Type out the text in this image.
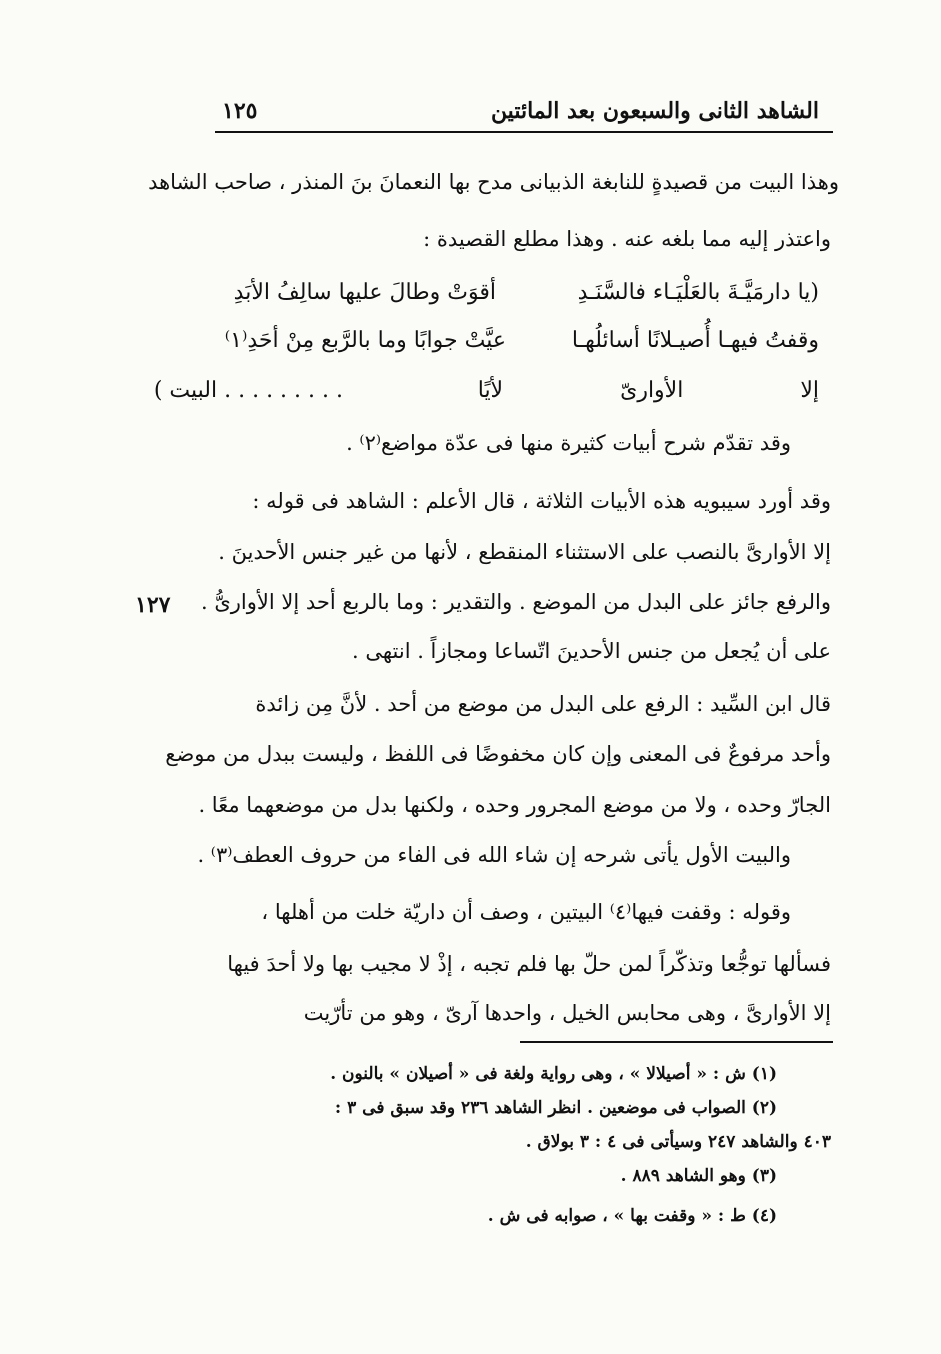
الشاهد الثانى والسبعون بعد المائتين
١٢٥
وهذا البيت من قصيدةٍ للنابغة الذبيانى مدح بها النعمانَ بنَ المنذر ، صاحب الشاهد
واعتذر إليه مما بلغه عنه . وهذا مطلع القصيدة :
(يا دارمَيَّـةَ بالعَلْيَـاء فالسَّنَـدِ
أقوَتْ وطالَ عليها سالِفُ الأبَدِ
وقفتُ فيهـا أُصيـلانًا أسائلُهـا
عيَّتْ جوابًا وما بالرَّبع مِنْ أحَدِ⁽١⁾
إلا الأوارىّ لأيًا
. . . . . . . . . البيت )
وقد تقدّم شرح أبيات كثيرة منها فى عدّة مواضع⁽٢⁾ .
وقد أورد سيبويه هذه الأبيات الثلاثة ، قال الأعلم : الشاهد فى قوله :
إلا الأوارىَّ بالنصب على الاستثناء المنقطع ، لأنها من غير جنس الأحدينَ .
والرفع جائز على البدل من الموضع . والتقدير : وما بالربع أحد إلا الأوارىُّ .
١٢٧
على أن يُجعل من جنس الأحدينَ اتّساعا ومجازاً . انتهى .
قال ابن السِّيد : الرفع على البدل من موضع من أحد . لأنَّ مِن زائدة
وأحد مرفوعٌ فى المعنى وإن كان مخفوضًا فى اللفظ ، وليست ببدل من موضع
الجارّ وحده ، ولا من موضع المجرور وحده ، ولكنها بدل من موضعهما معًا .
والبيت الأول يأتى شرحه إن شاء الله فى الفاء من حروف العطف⁽٣⁾ .
وقوله : وقفت فيها⁽٤⁾ البيتين ، وصف أن داريّة خلت من أهلها ،
فسألها توجُّعا وتذكّراً لمن حلّ بها فلم تجبه ، إذْ لا مجيب بها ولا أحدَ فيها
إلا الأوارىَّ ، وهى محابس الخيل ، واحدها آرىّ ، وهو من تأرّيت
(١) ش : « أصيلالا » ، وهى رواية ولغة فى « أصيلان » بالنون .
(٢) الصواب فى موضعين . انظر الشاهد ٢٣٦ وقد سبق فى ٣ :
٤٠٣ والشاهد ٢٤٧ وسيأتى فى ٤ : ٣ بولاق .
(٣) وهو الشاهد ٨٨٩ .
(٤) ط : « وقفت بها » ، صوابه فى ش .
